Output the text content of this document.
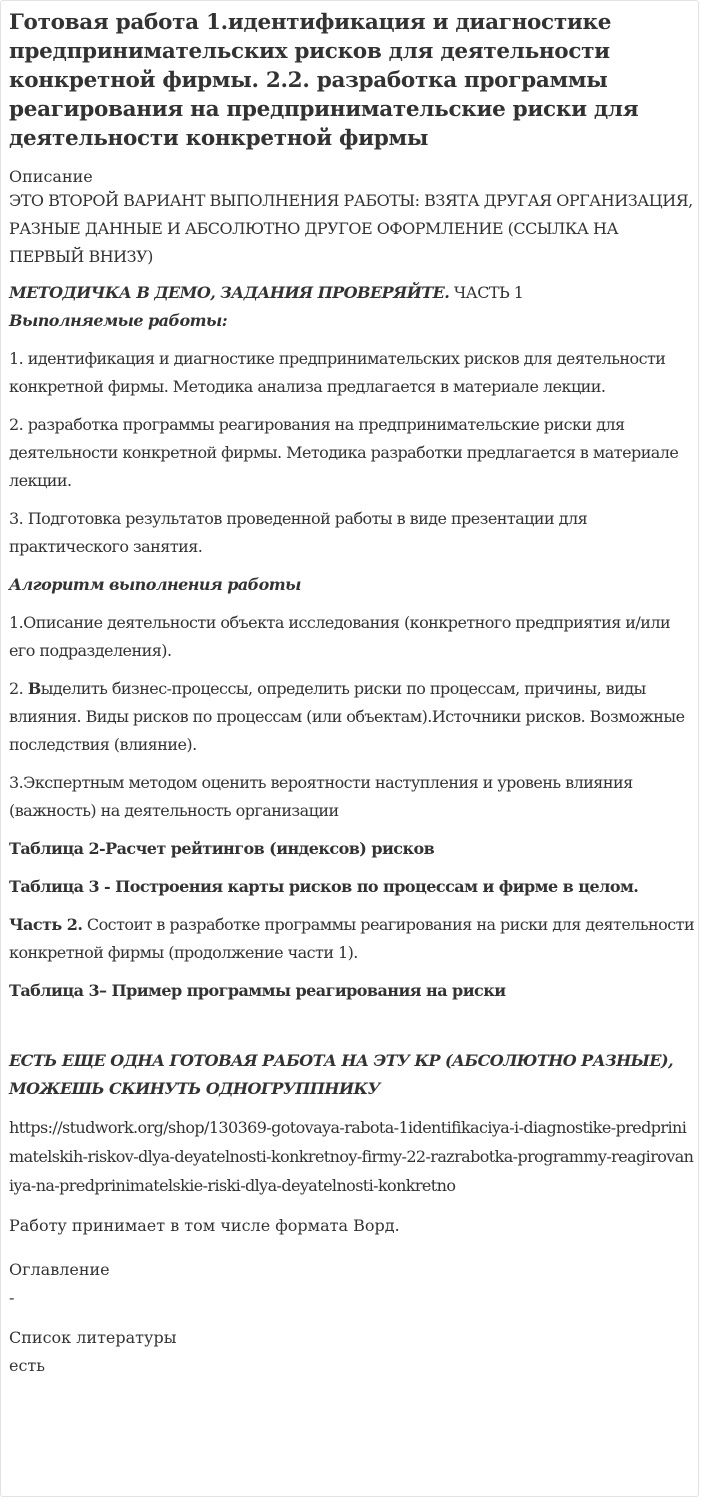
Готовая работа 1.идентификация и диагностике предпринимательских рисков для деятельности конкретной фирмы. 2.2. разработка программы реагирования на предпринимательские риски для деятельности конкретной фирмы
Описание
ЭТО ВТОРОЙ ВАРИАНТ ВЫПОЛНЕНИЯ РАБОТЫ: ВЗЯТА ДРУГАЯ ОРГАНИЗАЦИЯ, РАЗНЫЕ ДАННЫЕ И АБСОЛЮТНО ДРУГОЕ ОФОРМЛЕНИЕ (ССЫЛКА НА ПЕРВЫЙ ВНИЗУ)

МЕТОДИЧКА В ДЕМО, ЗАДАНИЯ ПРОВЕРЯЙТЕ. ЧАСТЬ 1

Выполняемые работы:

1. идентификация и диагностике предпринимательских рисков для деятельности конкретной фирмы. Методика анализа предлагается в материале лекции.

2. разработка программы реагирования на предпринимательские риски для деятельности конкретной фирмы. Методика разработки предлагается в материале лекции.

3. Подготовка результатов проведенной работы в виде презентации для практического занятия.

Алгоритм выполнения работы

1.Описание деятельности объекта исследования (конкретного предприятия и/или его подразделения).

2. Выделить бизнес-процессы, определить риски по процессам, причины, виды влияния. Виды рисков по процессам (или объектам).Источники рисков. Возможные последствия (влияние).

3.Экспертным методом оценить вероятности наступления и уровень влияния (важность) на деятельность организации

Таблица 2-Расчет рейтингов (индексов) рисков

Таблица 3 - Построения карты рисков по процессам и фирме в целом.

Часть 2. Состоит в разработке программы реагирования на риски для деятельности конкретной фирмы (продолжение части 1).

Таблица 3– Пример программы реагирования на риски

ЕСТЬ ЕЩЕ ОДНА ГОТОВАЯ РАБОТА НА ЭТУ КР (АБСОЛЮТНО РАЗНЫЕ), МОЖЕШЬ СКИНУТЬ ОДНОГРУППНИКУ

https://studwork.org/shop/130369-gotovaya-rabota-1identifikaciya-i-diagnostike-predprinimatelskih-riskov-dlya-deyatelnosti-konkretnoy-firmy-22-razrabotka-programmy-reagirovaniya-na-predprinimatelskie-riski-dlya-deyatelnosti-konkretno

Работу принимает в том числе формата Ворд.

Оглавление
-
Список литературы
есть
